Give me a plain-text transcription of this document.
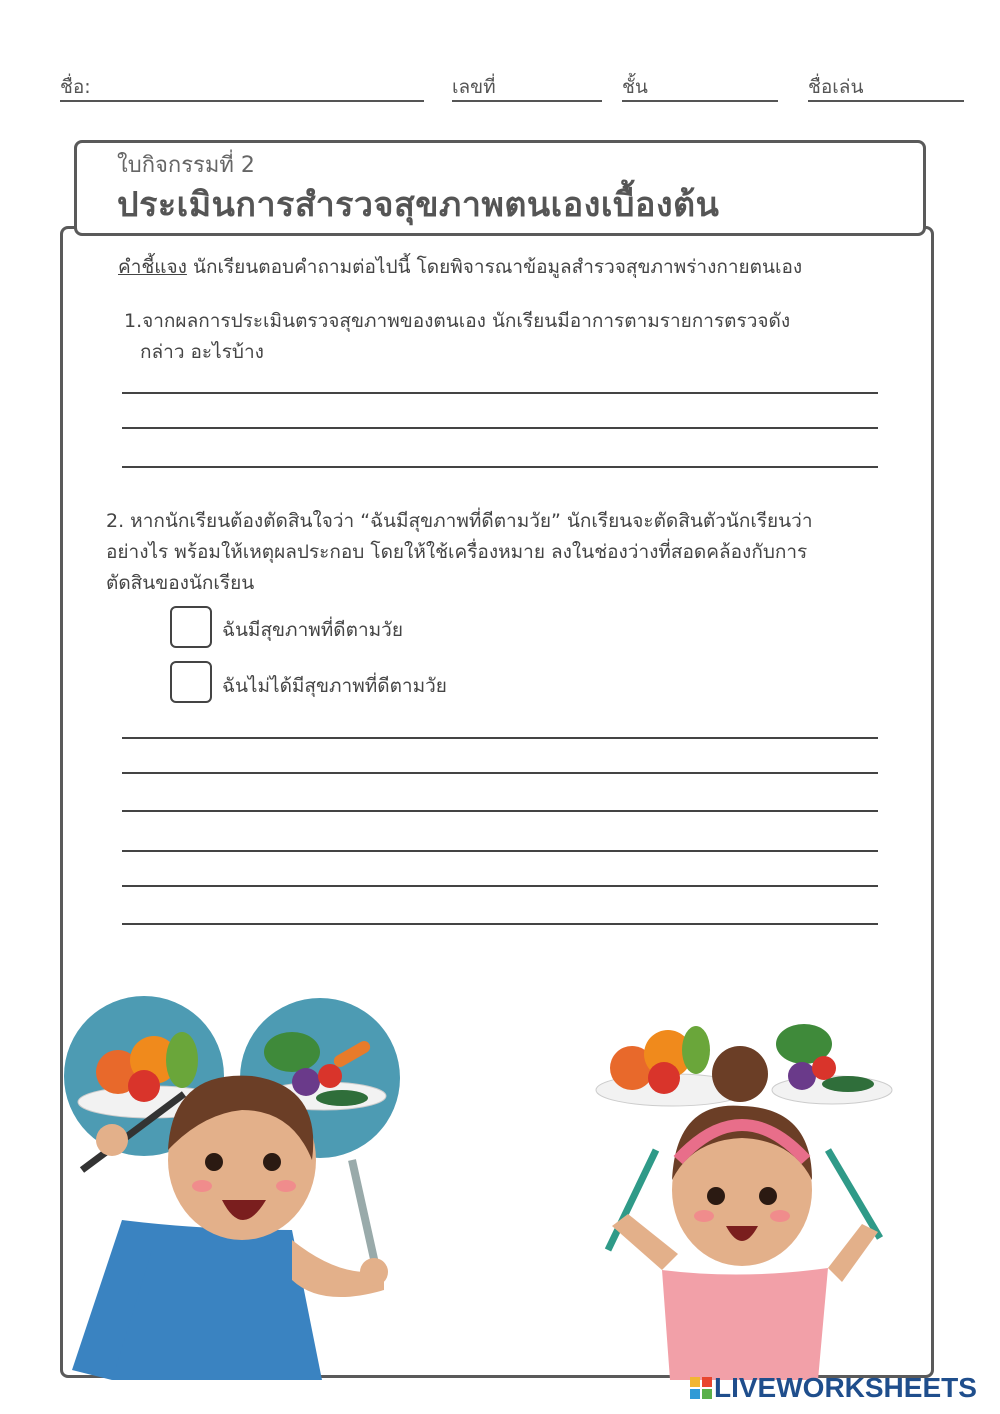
ชื่อ:	เลขที่	ชั้น	ชื่อเล่น
ใบกิจกรรมที่ 2
ประเมินการสำรวจสุขภาพตนเองเบื้องต้น
คำชี้แจง นักเรียนตอบคำถามต่อไปนี้ โดยพิจารณาข้อมูลสำรวจสุขภาพร่างกายตนเอง
1.จากผลการประเมินตรวจสุขภาพของตนเอง นักเรียนมีอาการตามรายการตรวจดัง
กล่าว อะไรบ้าง
2. หากนักเรียนต้องตัดสินใจว่า “ฉันมีสุขภาพที่ดีตามวัย” นักเรียนจะตัดสินตัวนักเรียนว่า
อย่างไร พร้อมให้เหตุผลประกอบ โดยให้ใช้เครื่องหมาย ลงในช่องว่างที่สอดคล้องกับการ
ตัดสินของนักเรียน
ฉันมีสุขภาพที่ดีตามวัย
ฉันไม่ได้มีสุขภาพที่ดีตามวัย
LIVEWORKSHEETS
